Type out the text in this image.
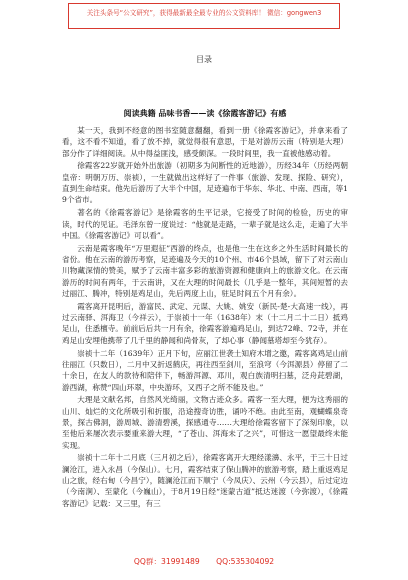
关注头条号“公文研究”，获得最新最全最专业的公文资料库！ 微信：gongwen3
目录
阅读典籍 品味书香——读《徐霞客游记》有感

某一天，我到不经意的图书室随意翻翻，看到一册《徐霞客游记》，并拿来看了看，这不看不知道，看了放不掉，就觉得很有意思，于是对游历云南（特别是大理）部分作了详细阅读。从中得益匪浅，感受颇深。一段时间里，我一直被他感动着。

徐霞客22岁就开始外出旅游（初期多为间断性的近地游），历经34年（历经两朝皇帝：明朝万历、崇祯），一生就做出这样好了一件事（旅游、发现、探险、研究），直到生命结束。他先后游历了大半个中国，足迹遍布于华东、华北、中南、西南，等19个省市。

著名的《徐霞客游记》是徐霞客的生平记录，它接受了时间的检验，历史的审读，时代的见证。毛泽东曾一度说过：“他就是走路，一辈子就是这么走，走遍了大半中国。《徐霞客游记》可以看”。

云南是霞客晚年“万里遐征”西游的终点，也是他一生在这乡之外生活时间最长的省份。他在云南的游历考察，足迹遍及今天的10个州、市46个县域，留下了对云南山川物藏深情的赞美，赋予了云南丰富多彩的旅游资源和健康向上的旅游文化。在云南游历的时间有两年，于云南讲，又在大理的时间最长（几乎是一整年，其间短暂的去过丽江、腾冲，特别是鸡足山，先后两度上山，驻足时间五个月有余）。

霞客离开昆明后，游富民、武定、元谋、大姚、姚安（新民-楚-大高速一线），再过云南驿、洱海卫（今祥云），于崇祯十一年（1638年）末（十二月二十二日）抵鸡足山，住悉檀寺。前前后后共一月有余，徐霞客游遍鸡足山，到达72峰、72寺，并在鸡足山安埋他携带了几千里的静闻和尚骨灰，了却心事（静闻墓塔却至今犹存）。

崇祯十二年（1639年）正月下旬，应丽江世袭土知府木增之邀，霞客离鸡足山前往丽江（只数日），二月中又折返鹤庆，再往西至剑川，至浪穹（今洱源县）停留了二十余日，在友人的款待和陪伴下，畅游洱源、邓川，观白族清明扫墓，泛舟茈碧湖，游西湖，称赞“四山环翠，中央游环，又西子之所不能及也。”

大理是文献名邦，自然风光绮丽，文物古迹众多。霞客一至大理，便为这秀丽的山川、灿烂的文化所吸引和折服，沿途搜奇访胜，诵吟不绝。由此至南，观蝴蝶泉奇景，探古佛洞，游周城、游清碧溪，探感通寺……大理给徐霞客留下了深刻印象，以至他后来屡次表示要重来游大理，“了苍山、洱海未了之兴”，可惜这一愿望最终未能实现。

崇祯十二年十二月底（三月初之后），徐霞客离开大理经漾濞、永平，于三十日过澜沧江，进入永昌（今保山）。七月，霞客结束了保山腾冲的旅游考察，踏上重返鸡足山之旅，经右甸（今昌宁），随澜沧江而下顺宁（今凤庆）、云州（今云县），后过定边（今南涧）、至蒙化（今巍山），于8月19日经“迷蒙古道”抵达迷渡（今弥渡），《徐霞客游记》记载：又三里，有三

QQ群：31991489 QQ:535304092
